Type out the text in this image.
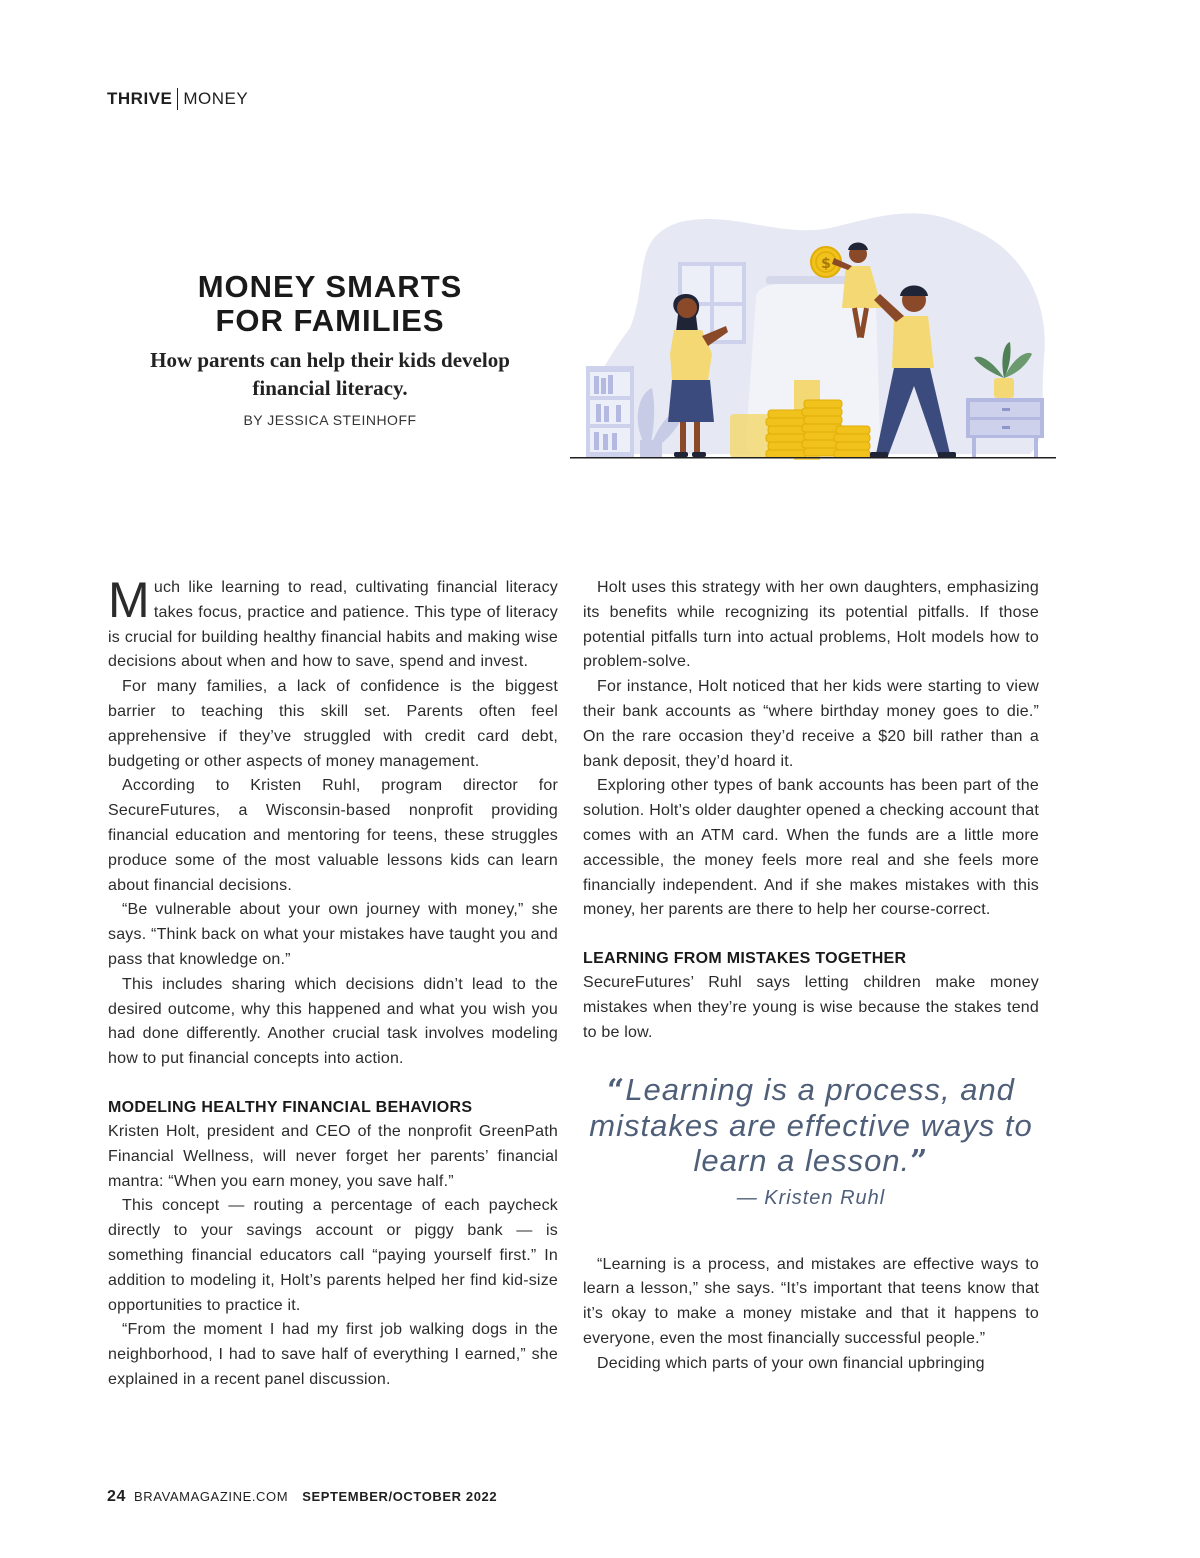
THRIVE MONEY
MONEY SMARTS
FOR FAMILIES
How parents can help their kids develop financial literacy.
BY JESSICA STEINHOFF
$

Much like learning to read, cultivating financial literacy takes focus, practice and patience. This type of literacy is crucial for building healthy financial habits and making wise decisions about when and how to save, spend and invest.

For many families, a lack of confidence is the biggest barrier to teaching this skill set. Parents often feel apprehensive if they’ve struggled with credit card debt, budgeting or other aspects of money management.

According to Kristen Ruhl, program director for SecureFutures, a Wisconsin-based nonprofit providing financial education and mentoring for teens, these struggles produce some of the most valuable lessons kids can learn about financial decisions.

“Be vulnerable about your own journey with money,” she says. “Think back on what your mistakes have taught you and pass that knowledge on.”

This includes sharing which decisions didn’t lead to the desired outcome, why this happened and what you wish you had done differently. Another crucial task involves modeling how to put financial concepts into action.

MODELING HEALTHY FINANCIAL BEHAVIORS

Kristen Holt, president and CEO of the nonprofit GreenPath Financial Wellness, will never forget her parents’ financial mantra: “When you earn money, you save half.”

This concept — routing a percentage of each paycheck directly to your savings account or piggy bank — is something financial educators call “paying yourself first.” In addition to modeling it, Holt’s parents helped her find kid-size opportunities to practice it.

“From the moment I had my first job walking dogs in the neighborhood, I had to save half of everything I earned,” she explained in a recent panel discussion.

Holt uses this strategy with her own daughters, emphasizing its benefits while recognizing its potential pitfalls. If those potential pitfalls turn into actual problems, Holt models how to problem-solve.

For instance, Holt noticed that her kids were starting to view their bank accounts as “where birthday money goes to die.” On the rare occasion they’d receive a $20 bill rather than a bank deposit, they’d hoard it.

Exploring other types of bank accounts has been part of the solution. Holt’s older daughter opened a checking account that comes with an ATM card. When the funds are a little more accessible, the money feels more real and she feels more financially independent. And if she makes mistakes with this money, her parents are there to help her course-correct.

LEARNING FROM MISTAKES TOGETHER

SecureFutures’ Ruhl says letting children make money mistakes when they’re young is wise because the stakes tend to be low.

“Learning is a process, and mistakes are effective ways to learn a lesson.”
— Kristen Ruhl

“Learning is a process, and mistakes are effective ways to learn a lesson,” she says. “It’s important that teens know that it’s okay to make a money mistake and that it happens to everyone, even the most financially successful people.”

Deciding which parts of your own financial upbringing

24 BRAVAMAGAZINE.COM SEPTEMBER/OCTOBER 2022
